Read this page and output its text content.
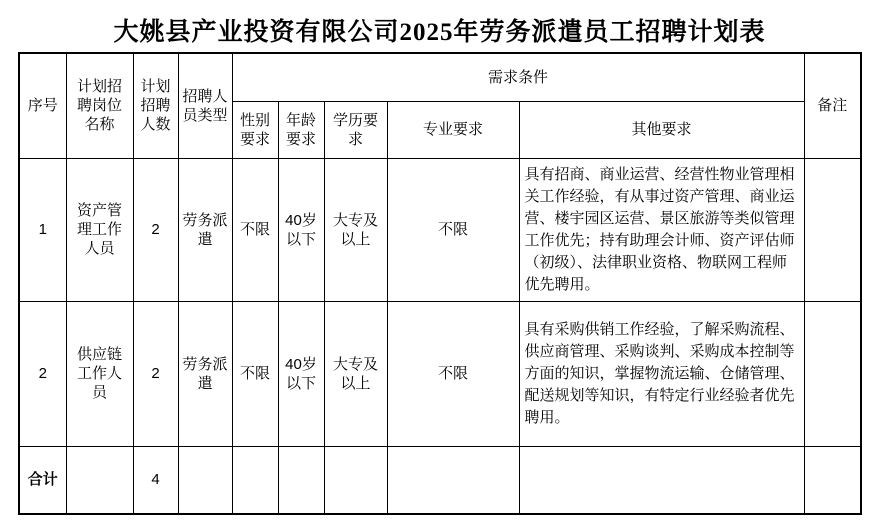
大姚县产业投资有限公司2025年劳务派遣员工招聘计划表
序号	计划招聘岗位名称	计划招聘人数	招聘人员类型	需求条件					备注
				性别要求	年龄要求	学历要求	专业要求	其他要求	
1	资产管理工作人员	2	劳务派遣	不限	40岁以下	大专及以上	不限	具有招商、商业运营、经营性物业管理相关工作经验，有从事过资产管理、商业运营、楼宇园区运营、景区旅游等类似管理工作优先；持有助理会计师、资产评估师（初级）、法律职业资格、物联网工程师优先聘用。	
2	供应链工作人员	2	劳务派遣	不限	40岁以下	大专及以上	不限	具有采购供销工作经验，了解采购流程、供应商管理、采购谈判、采购成本控制等方面的知识，掌握物流运输、仓储管理、配送规划等知识，有特定行业经验者优先聘用。	
合计		4							
